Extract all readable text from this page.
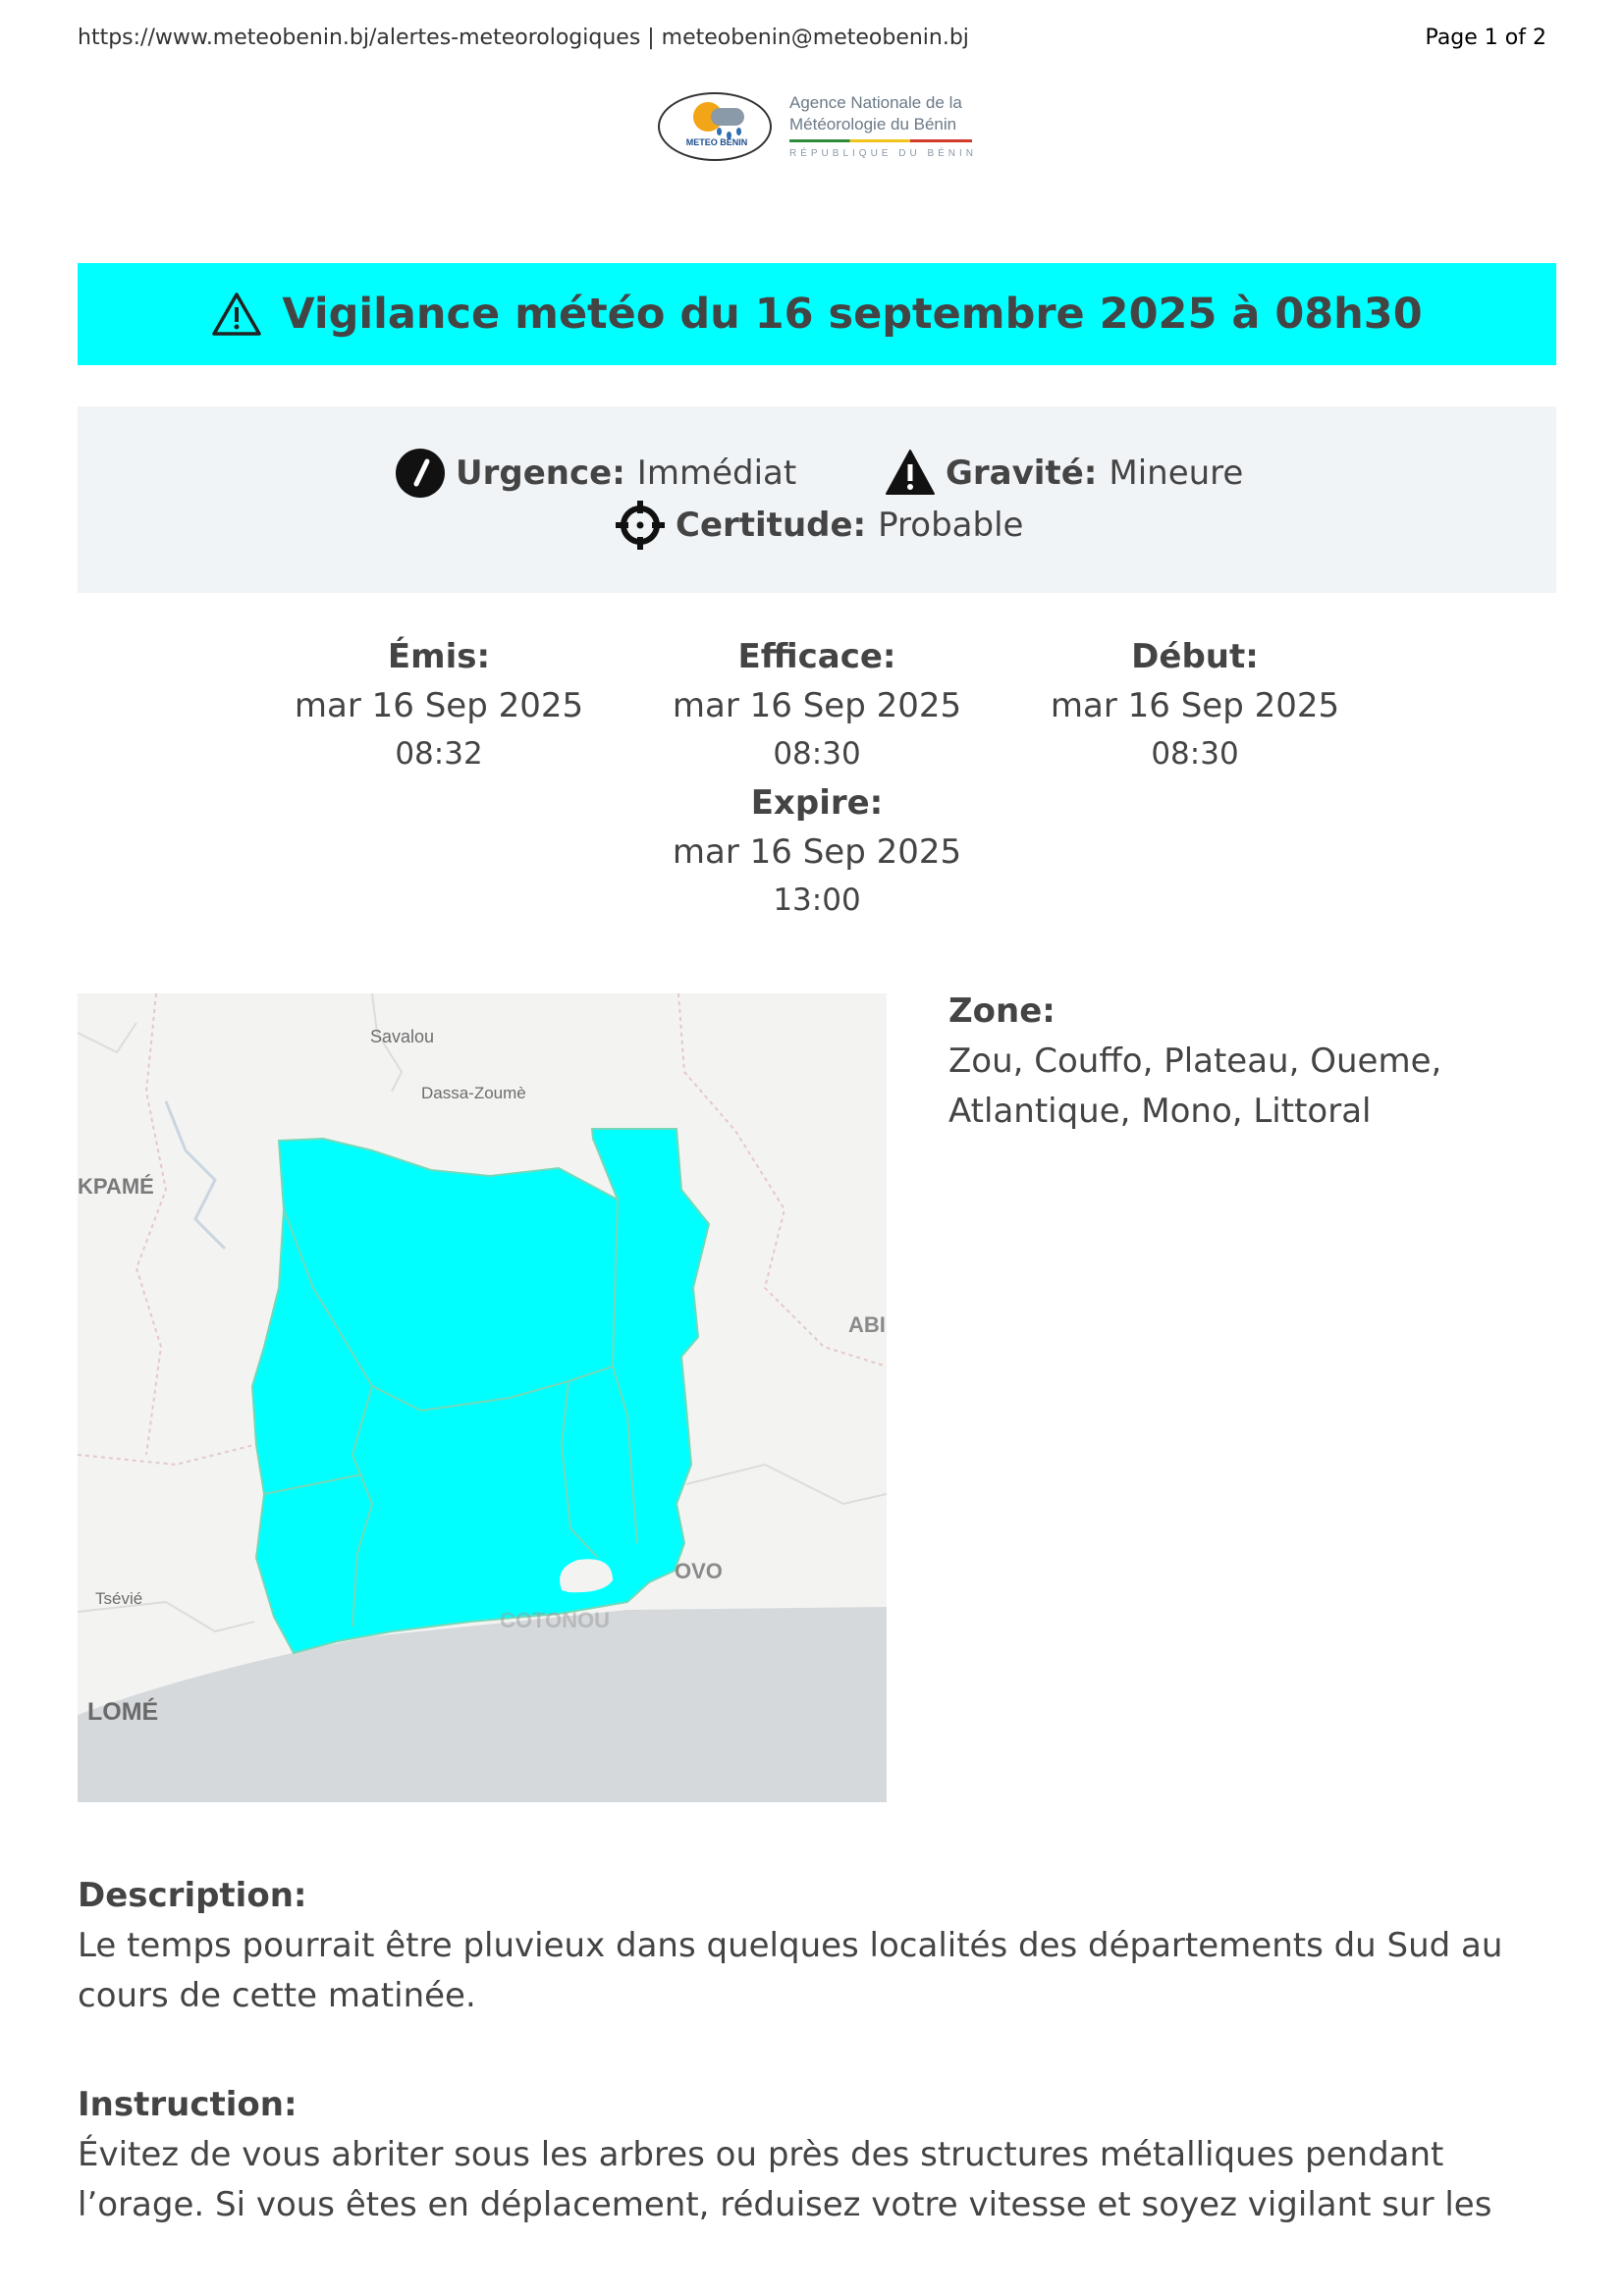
https://www.meteobenin.bj/alertes-meteorologiques | meteobenin@meteobenin.bj	Page 1 of 2
METEO BENIN
Agence Nationale de la
Météorologie du Bénin
RÉPUBLIQUE DU BÉNIN
Vigilance météo du 16 septembre 2025 à 08h30
Urgence: Immédiat	Gravité: Mineure
Certitude: Probable
Émis:
mar 16 Sep 2025
08:32
Efficace:
mar 16 Sep 2025
08:30
Début:
mar 16 Sep 2025
08:30
Expire:
mar 16 Sep 2025
13:00
Savalou
Dassa-Zoumè
KPAMÉ
ABI
Tsévié
LOMÉ
OVO
COTONOU
Zone:
Zou, Couffo, Plateau, Oueme, Atlantique, Mono, Littoral
Description:
Le temps pourrait être pluvieux dans quelques localités des départements du Sud au cours de cette matinée.
Instruction:
Évitez de vous abriter sous les arbres ou près des structures métalliques pendant l’orage. Si vous êtes en déplacement, réduisez votre vitesse et soyez vigilant sur les
